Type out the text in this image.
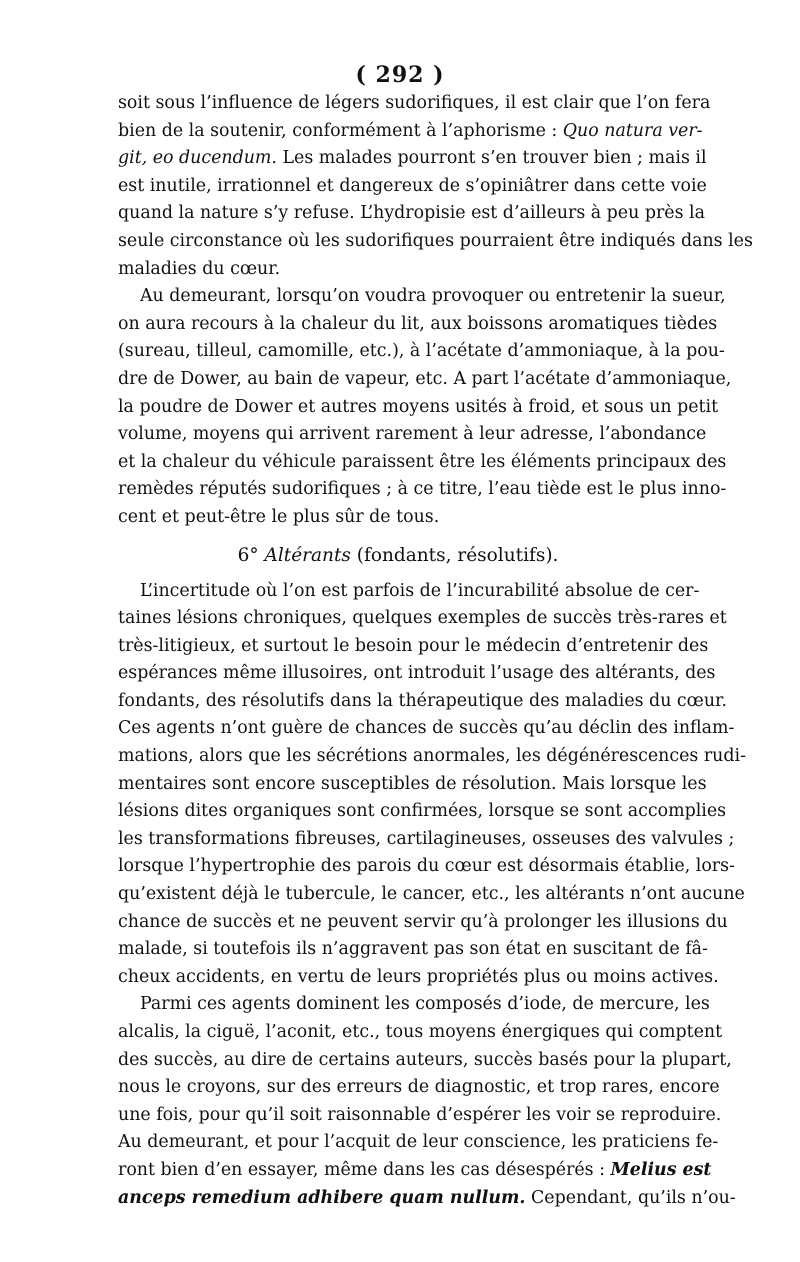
( 292 )
soit sous l’influence de légers sudorifiques, il est clair que l’on fera
bien de la soutenir, conformément à l’aphorisme : Quo natura ver-
git, eo ducendum. Les malades pourront s’en trouver bien ; mais il
est inutile, irrationnel et dangereux de s’opiniâtrer dans cette voie
quand la nature s’y refuse. L’hydropisie est d’ailleurs à peu près la
seule circonstance où les sudorifiques pourraient être indiqués dans les
maladies du cœur.
Au demeurant, lorsqu’on voudra provoquer ou entretenir la sueur,
on aura recours à la chaleur du lit, aux boissons aromatiques tièdes
(sureau, tilleul, camomille, etc.), à l’acétate d’ammoniaque, à la pou-
dre de Dower, au bain de vapeur, etc. A part l’acétate d’ammoniaque,
la poudre de Dower et autres moyens usités à froid, et sous un petit
volume, moyens qui arrivent rarement à leur adresse, l’abondance
et la chaleur du véhicule paraissent être les éléments principaux des
remèdes réputés sudorifiques ; à ce titre, l’eau tiède est le plus inno-
cent et peut-être le plus sûr de tous.
6° Altérants (fondants, résolutifs).
L’incertitude où l’on est parfois de l’incurabilité absolue de cer-
taines lésions chroniques, quelques exemples de succès très-rares et
très-litigieux, et surtout le besoin pour le médecin d’entretenir des
espérances même illusoires, ont introduit l’usage des altérants, des
fondants, des résolutifs dans la thérapeutique des maladies du cœur.
Ces agents n’ont guère de chances de succès qu’au déclin des inflam-
mations, alors que les sécrétions anormales, les dégénérescences rudi-
mentaires sont encore susceptibles de résolution. Mais lorsque les
lésions dites organiques sont confirmées, lorsque se sont accomplies
les transformations fibreuses, cartilagineuses, osseuses des valvules ;
lorsque l’hypertrophie des parois du cœur est désormais établie, lors-
qu’existent déjà le tubercule, le cancer, etc., les altérants n’ont aucune
chance de succès et ne peuvent servir qu’à prolonger les illusions du
malade, si toutefois ils n’aggravent pas son état en suscitant de fâ-
cheux accidents, en vertu de leurs propriétés plus ou moins actives.
Parmi ces agents dominent les composés d’iode, de mercure, les
alcalis, la ciguë, l’aconit, etc., tous moyens énergiques qui comptent
des succès, au dire de certains auteurs, succès basés pour la plupart,
nous le croyons, sur des erreurs de diagnostic, et trop rares, encore
une fois, pour qu’il soit raisonnable d’espérer les voir se reproduire.
Au demeurant, et pour l’acquit de leur conscience, les praticiens fe-
ront bien d’en essayer, même dans les cas désespérés : Melius est
anceps remedium adhibere quam nullum. Cependant, qu’ils n’ou-
